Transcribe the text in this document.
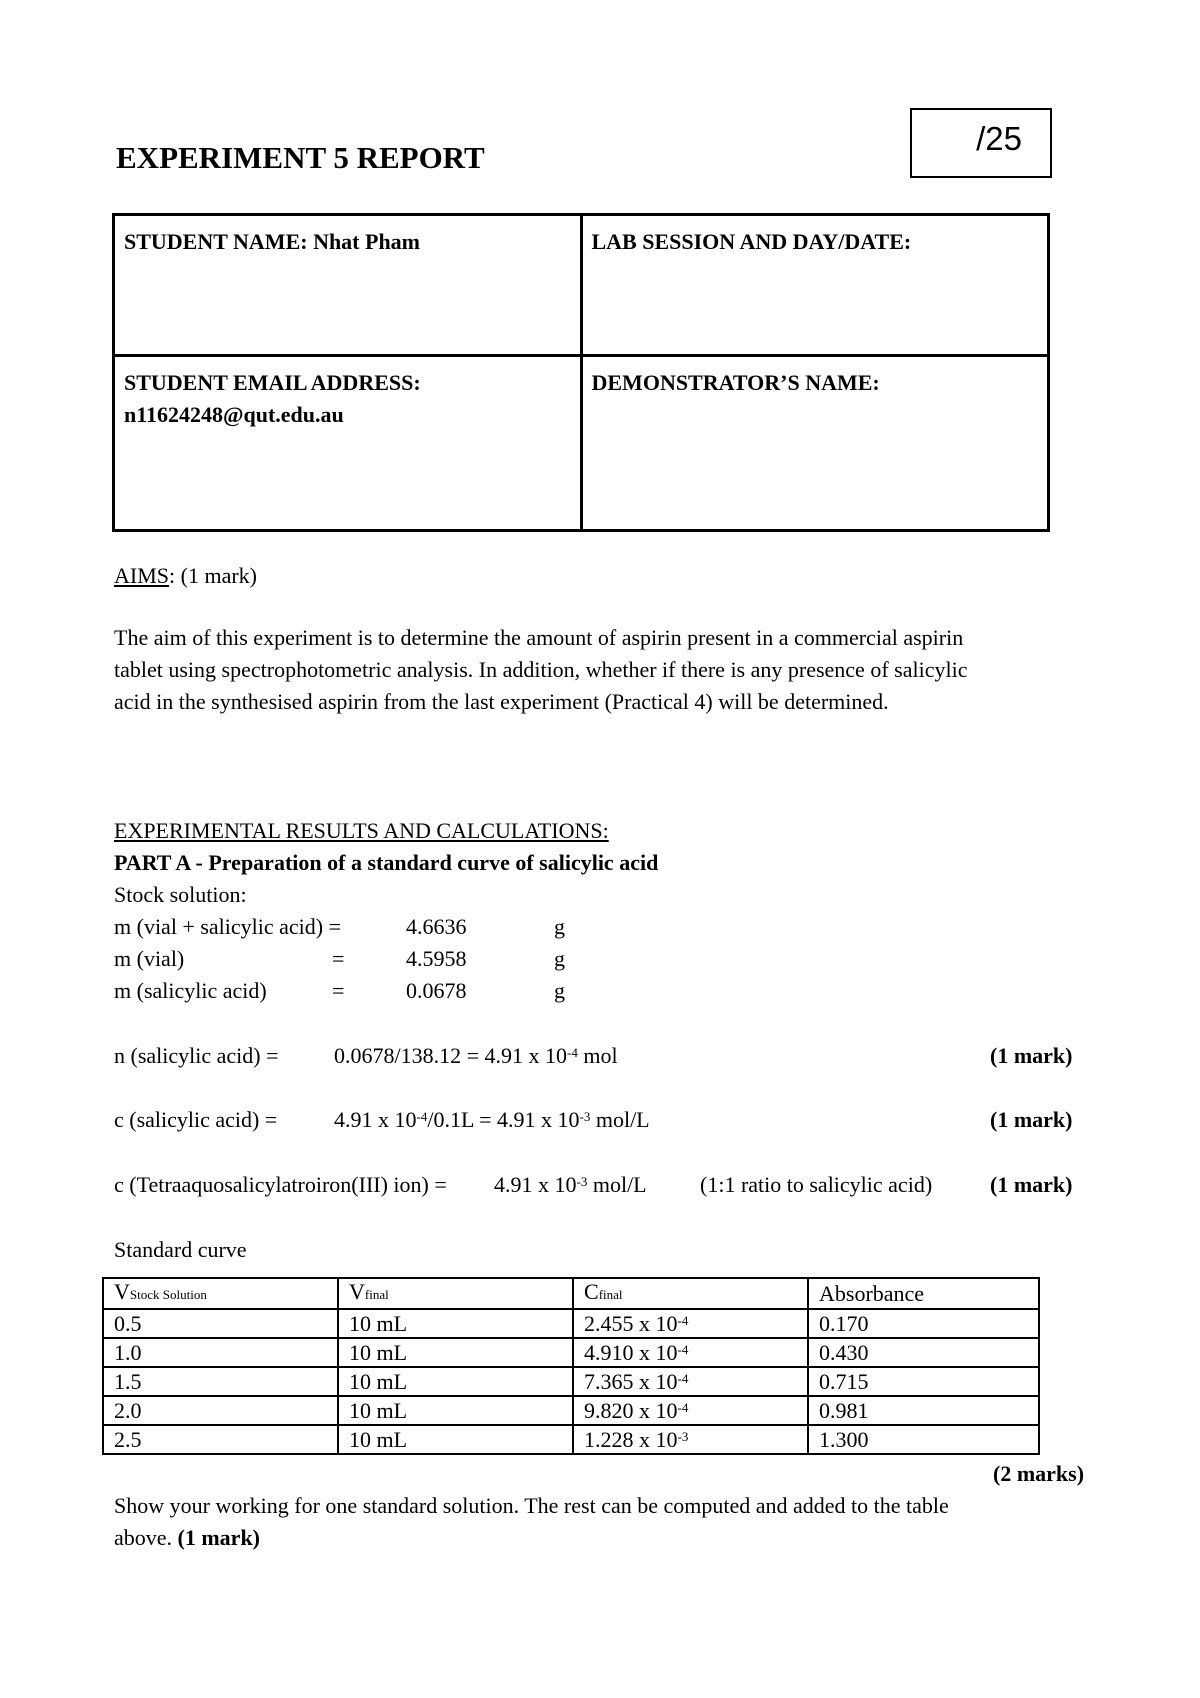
EXPERIMENT 5 REPORT
/25
STUDENT NAME: Nhat Pham	LAB SESSION AND DAY/DATE:

STUDENT EMAIL ADDRESS:
n11624248@qut.edu.au	DEMONSTRATOR’S NAME:
AIMS: (1 mark)
The aim of this experiment is to determine the amount of aspirin present in a commercial aspirin
tablet using spectrophotometric analysis. In addition, whether if there is any presence of salicylic
acid in the synthesised aspirin from the last experiment (Practical 4) will be determined.
EXPERIMENTAL RESULTS AND CALCULATIONS:
PART A - Preparation of a standard curve of salicylic acid
Stock solution:
m (vial + salicylic acid) =	4.6636	g
m (vial)	=	4.5958	g
m (salicylic acid)	=	0.0678	g
n (salicylic acid) =	0.0678/138.12 = 4.91 x $10^{-4}$ mol	(1 mark)
c (salicylic acid) =	4.91 x $10^{-4}/0.1L = 4.91$ x $10^{-3}$ mol/L	(1 mark)
c (Tetraaquosalicylatroiron(III) ion) = 4.91 x $10^{-3}$ mol/L (1:1 ratio to salicylic acid)	(1 mark)
Standard curve
VStock Solution	Vfinal	Cfinal	Absorbance
0.5	10 mL	2.455 x $10^{-4}$	0.170
1.0	10 mL	4.910 x $10^{-4}$	0.430
1.5	10 mL	7.365 x $10^{-4}$	0.715
2.0	10 mL	9.820 x $10^{-4}$	0.981
2.5	10 mL	1.228 x $10^{-3}$	1.300
(2 marks)
Show your working for one standard solution. The rest can be computed and added to the table
above. (1 mark)
